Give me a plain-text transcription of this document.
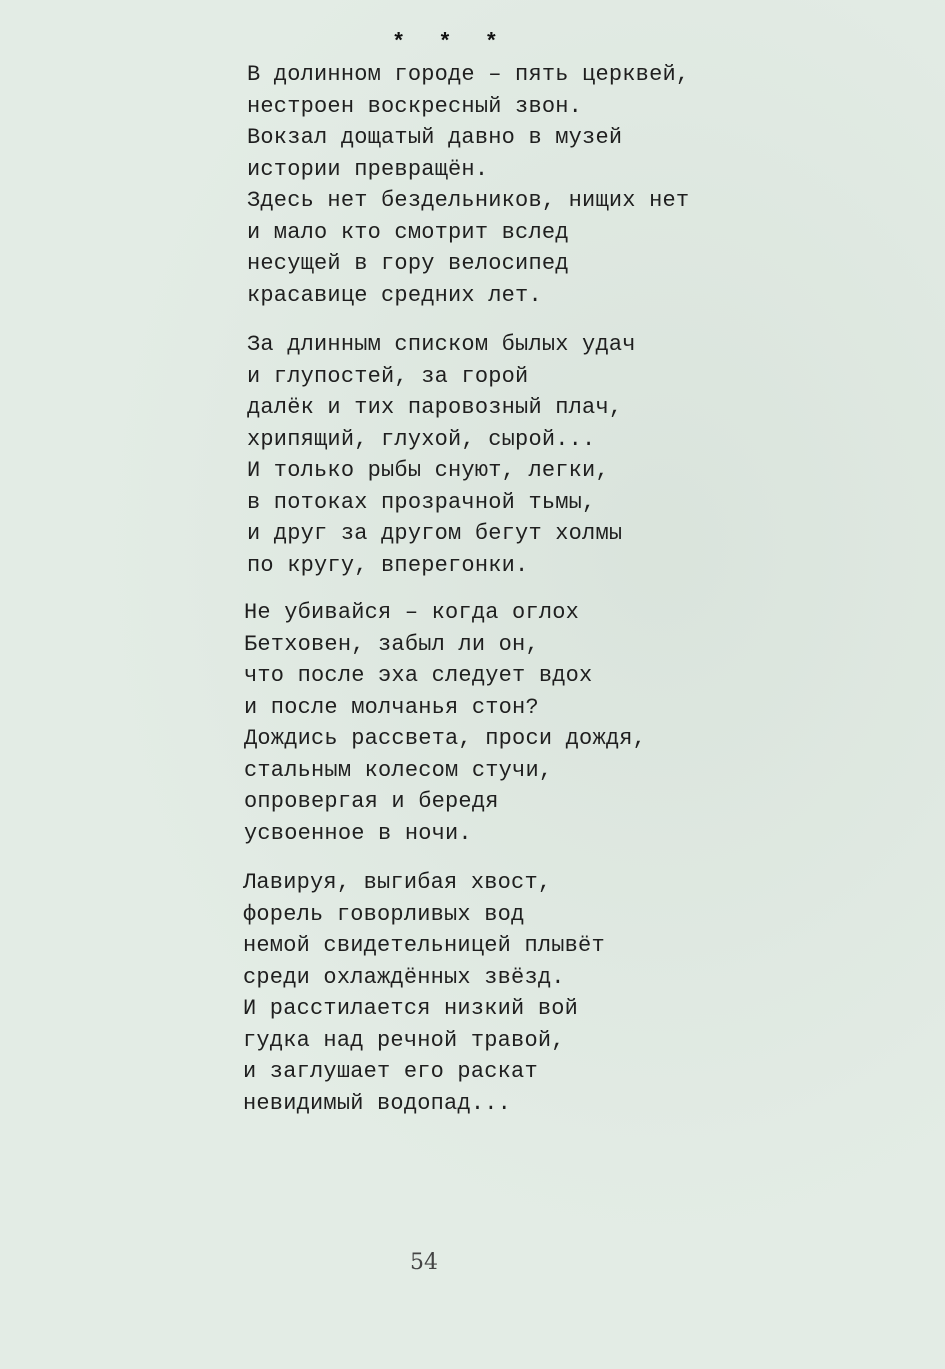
* * *
В долинном городе – пять церквей,
нестроен воскресный звон.
Вокзал дощатый давно в музей
истории превращён.
Здесь нет бездельников, нищих нет
и мало кто смотрит вслед
несущей в гору велосипед
красавице средних лет.
За длинным списком былых удач
и глупостей, за горой
далёк и тих паровозный плач,
хрипящий, глухой, сырой...
И только рыбы снуют, легки,
в потоках прозрачной тьмы,
и друг за другом бегут холмы
по кругу, вперегонки.
Не убивайся – когда оглох
Бетховен, забыл ли он,
что после эха следует вдох
и после молчанья стон?
Дождись рассвета, проси дождя,
стальным колесом стучи,
опровергая и бередя
усвоенное в ночи.
Лавируя, выгибая хвост,
форель говорливых вод
немой свидетельницей плывёт
среди охлаждённых звёзд.
И расстилается низкий вой
гудка над речной травой,
и заглушает его раскат
невидимый водопад...
54
